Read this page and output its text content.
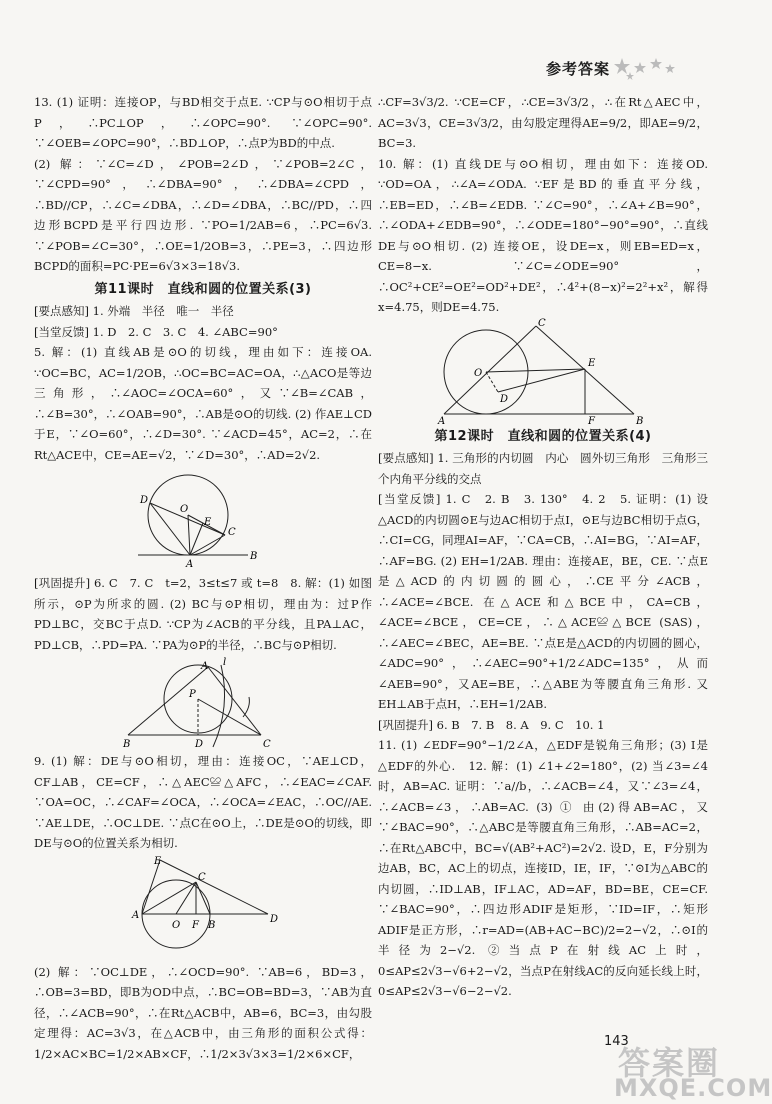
参考答案

13. (1) 证明：连接OP，与BD相交于点E. ∵CP与⊙O相切于点P，∴PC⊥OP，∴∠OPC=90°. ∵∠OPC=90°. ∵∠OEB=∠OPC=90°，∴BD⊥OP，∴点P为BD的中点.

(2) 解：∵∠C=∠D，∠POB=2∠D，∵∠POB=2∠C，∵∠CPD=90°，∴∠DBA=90°，∴∠DBA=∠CPD，∴BD//CP，∴∠C=∠DBA，∴∠D=∠DBA，∴BC//PD，∴四边形BCPD是平行四边形. ∵PO=1/2AB=6，∴PC=6√3. ∵∠POB=∠C=30°，∴OE=1/2OB=3，∴PE=3，∴四边形BCPD的面积=PC·PE=6√3×3=18√3.

第11课时　直线和圆的位置关系(3)

[要点感知] 1. 外端　半径　唯一　半径

[当堂反馈] 1. D　2. C　3. C　4. ∠ABC=90°

5. 解：(1) 直线AB是⊙O的切线，理由如下：连接OA. ∵OC=BC，AC=1/2OB，∴OC=BC=AC=OA，∴△ACO是等边三角形，∴∠AOC=∠OCA=60°，又∵∠B=∠CAB，∴∠B=30°，∴∠OAB=90°，∴AB是⊙O的切线. (2) 作AE⊥CD于E，∵∠O=60°，∴∠D=30°. ∵∠ACD=45°，AC=2，∴在Rt△ACE中，CE=AE=√2，∵∠D=30°，∴AD=2√2.

D
O
C
E
A
B

[巩固提升] 6. C　7. C　t=2，3≤t≤7 或 t=8　8. 解：(1) 如图所示，⊙P为所求的圆. (2) BC与⊙P相切，理由为：过P作PD⊥BC，交BC于点D. ∵CP为∠ACB的平分线，且PA⊥AC，PD⊥CB，∴PD=PA. ∵PA为⊙P的半径，∴BC与⊙P相切.

A
P
B	D	C
l

9. (1) 解：DE与⊙O相切，理由：连接OC，∵AE⊥CD，CF⊥AB，CE=CF，∴△AEC≌△AFC，∴∠EAC=∠CAF. ∵OA=OC，∴∠CAF=∠OCA，∴∠OCA=∠EAC，∴OC//AE. ∵AE⊥DE，∴OC⊥DE. ∵点C在⊙O上，∴DE是⊙O的切线，即DE与⊙O的位置关系为相切.

E
C
A
O F B
D

(2) 解：∵OC⊥DE，∴∠OCD=90°. ∵AB=6，BD=3，∴OB=3=BD，即B为OD中点，∴BC=OB=BD=3，∵AB为直径，∴∠ACB=90°，∴在Rt△ACB中，AB=6，BC=3，由勾股定理得：AC=3√3，在△ACB中，由三角形的面积公式得：1/2×AC×BC=1/2×AB×CF，∴1/2×3√3×3=1/2×6×CF，

∴CF=3√3/2. ∵CE=CF，∴CE=3√3/2，∴在Rt△AEC中，AC=3√3，CE=3√3/2，由勾股定理得AE=9/2，即AE=9/2，BC=3.

10. 解：(1) 直线DE与⊙O相切，理由如下：连接OD. ∵OD=OA，∴∠A=∠ODA. ∵EF是BD的垂直平分线，∴EB=ED，∴∠B=∠EDB. ∵∠C=90°，∴∠A+∠B=90°，∴∠ODA+∠EDB=90°，∴∠ODE=180°−90°=90°，∴直线DE与⊙O相切. (2) 连接OE，设DE=x，则EB=ED=x，CE=8−x. ∵∠C=∠ODE=90°，∴OC²+CE²=OE²=OD²+DE²，∴4²+(8−x)²=2²+x²，解得x=4.75，则DE=4.75.

C
E
O
A
D
F	B
第12课时　直线和圆的位置关系(4)

[要点感知] 1. 三角形的内切圆　内心　圆外切三角形　三角形三个内角平分线的交点

[当堂反馈] 1. C　2. B　3. 130°　4. 2　5. 证明：(1) 设△ACD的内切圆⊙E与边AC相切于点I，⊙E与边BC相切于点G，∴CI=CG，同理AI=AF，∵CA=CB，∴AI=BG，∵AI=AF，∴AF=BG. (2) EH=1/2AB. 理由：连接AE，BE，CE. ∵点E是△ACD的内切圆的圆心，∴CE平分∠ACB，∴∠ACE=∠BCE. 在△ACE和△BCE中，CA=CB，∠ACE=∠BCE，CE=CE，∴△ACE≌△BCE (SAS)，∴∠AEC=∠BEC，AE=BE. ∵点E是△ACD的内切圆的圆心，∠ADC=90°，∴∠AEC=90°+1/2∠ADC=135°，从而∠AEB=90°，又AE=BE，∴△ABE为等腰直角三角形. 又EH⊥AB于点H，∴EH=1/2AB.

[巩固提升] 6. B　7. B　8. A　9. C　10. 1

11. (1) ∠EDF=90°−1/2∠A，△EDF是锐角三角形；(3) I是△EDF的外心.　12. 解：(1) ∠1+∠2=180°，(2) 当∠3=∠4时，AB=AC. 证明：∵a//b，∴∠ACB=∠4，又∵∠3=∠4，∴∠ACB=∠3，∴AB=AC. (3) ① 由(2)得AB=AC，又∵∠BAC=90°，∴△ABC是等腰直角三角形，∴AB=AC=2，∴在Rt△ABC中，BC=√(AB²+AC²)=2√2. 设D，E，F分别为边AB，BC，AC上的切点，连接ID，IE，IF，∵⊙I为△ABC的内切圆，∴ID⊥AB，IF⊥AC，AD=AF，BD=BE，CE=CF. ∵∠BAC=90°，∴四边形ADIF是矩形，∵ID=IF，∴矩形ADIF是正方形，∴r=AD=(AB+AC−BC)/2=2−√2，∴⊙I的半径为2−√2. ②当点P在射线AC上时，0≤AP≤2√3−√6+2−√2，当点P在射线AC的反向延长线上时，0≤AP≤2√3−√6−2−√2.

143
答案圈
MXQE.COM
